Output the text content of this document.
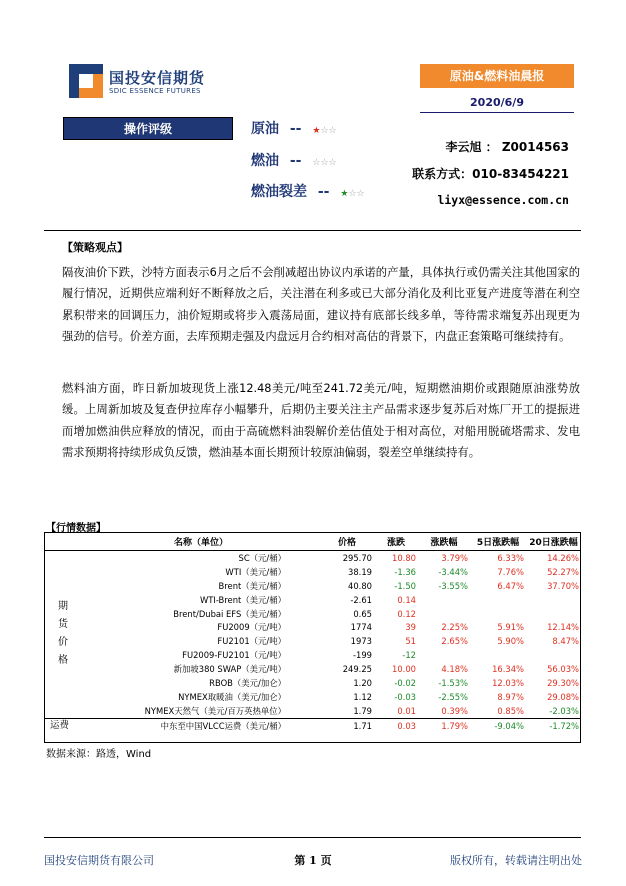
国投安信期货
SDIC ESSENCE FUTURES
原油&燃料油晨报
2020/6/9
操作评级	原油 -- ★☆☆
燃油 -- ☆☆☆
燃油裂差 -- ★☆☆
李云旭 ： Z0014563
联系方式：010-83454221
liyx@essence.com.cn
【策略观点】
隔夜油价下跌，沙特方面表示6月之后不会削减超出协议内承诺的产量，具体执行或仍需关注其他国家的履行情况，近期供应端利好不断释放之后，关注潜在利多或已大部分消化及利比亚复产进度等潜在利空累积带来的回调压力，油价短期或将步入震荡局面，建议持有底部长线多单，等待需求端复苏出现更为强劲的信号。价差方面，去库预期走强及内盘远月合约相对高估的背景下，内盘正套策略可继续持有。
燃料油方面，昨日新加坡现货上涨12.48美元/吨至241.72美元/吨，短期燃油期价或跟随原油涨势放缓。上周新加坡及复查伊拉库存小幅攀升，后期仍主要关注主产品需求逐步复苏后对炼厂开工的提振进而增加燃油供应释放的情况，而由于高硫燃料油裂解价差估值处于相对高位，对船用脱硫塔需求、发电需求预期将持续形成负反馈，燃油基本面长期预计较原油偏弱，裂差空单继续持有。
【行情数据】
	名称（单位）	价格	涨跌	涨跌幅	5日涨跌幅	20日涨跌幅

期
货
价
格	SC（元/桶）	295.70	10.80	3.79%	6.33%	14.26%
	WTI（美元/桶）	38.19	-1.36	-3.44%	7.76%	52.27%
	Brent（美元/桶）	40.80	-1.50	-3.55%	6.47%	37.70%
	WTI-Brent（美元/桶）	-2.61	0.14			
	Brent/Dubai EFS（美元/桶）	0.65	0.12			
	FU2009（元/吨）	1774	39	2.25%	5.91%	12.14%
	FU2101（元/吨）	1973	51	2.65%	5.90%	8.47%
	FU2009-FU2101（元/吨）	-199	-12			
	新加坡380 SWAP（美元/吨）	249.25	10.00	4.18%	16.34%	56.03%
	RBOB（美元/加仑）	1.20	-0.02	-1.53%	12.03%	29.30%
	NYMEX取暖油（美元/加仑）	1.12	-0.03	-2.55%	8.97%	29.08%
	NYMEX天然气（美元/百万英热单位）	1.79	0.01	0.39%	0.85%	-2.03%
运费	中东至中国VLCC运费（美元/桶）	1.71	0.03	1.79%	-9.04%	-1.72%
数据来源：路透，Wind
国投安信期货有限公司	第 1 页	版权所有，转载请注明出处
